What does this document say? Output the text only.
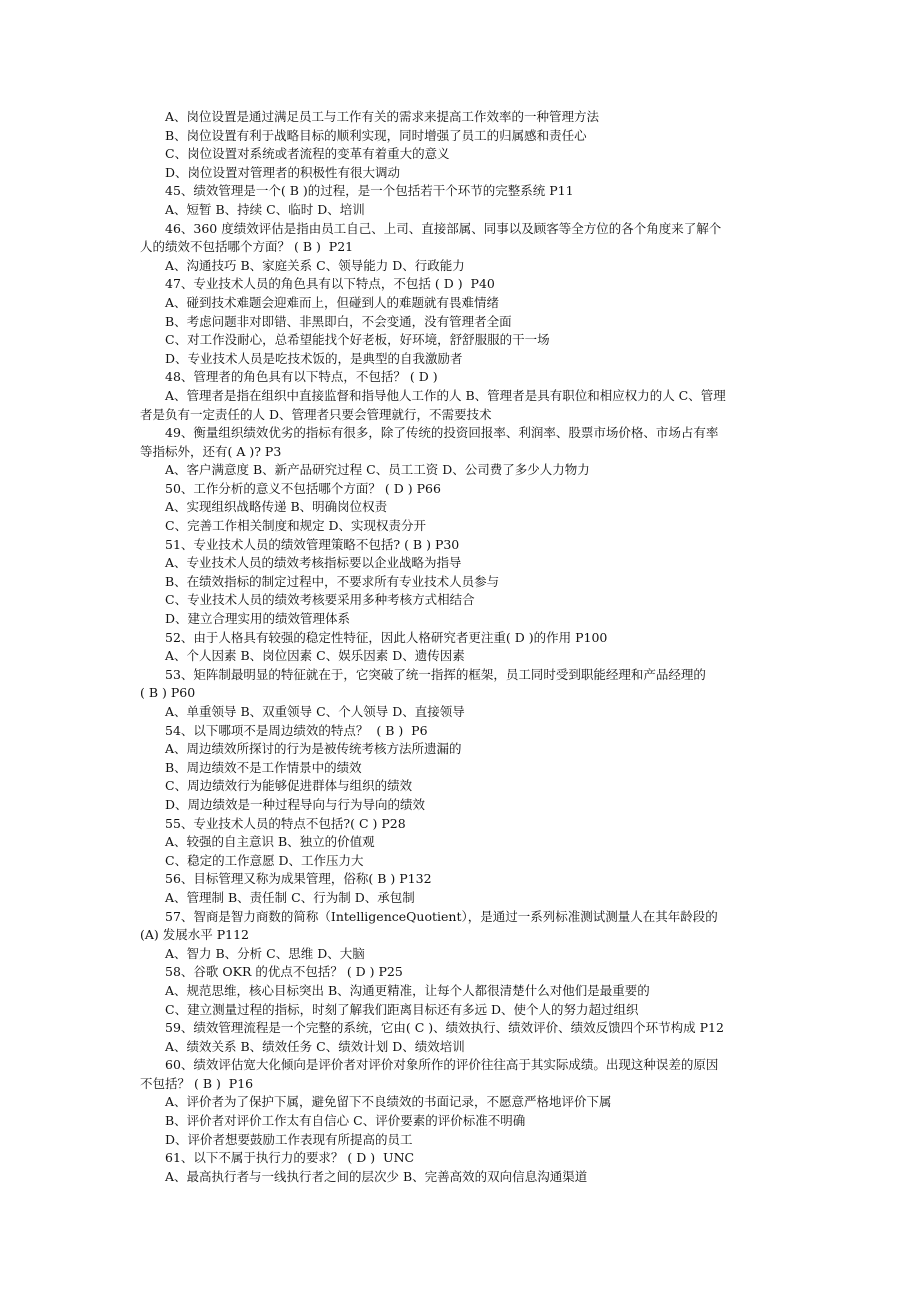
A、岗位设置是通过满足员工与工作有关的需求来提高工作效率的一种管理方法
B、岗位设置有利于战略目标的顺利实现，同时增强了员工的归属感和责任心
C、岗位设置对系统或者流程的变革有着重大的意义
D、岗位设置对管理者的积极性有很大调动
45、绩效管理是一个( B )的过程，是一个包括若干个环节的完整系统 P11
A、短暂 B、持续 C、临时 D、培训
46、360 度绩效评估是指由员工自己、上司、直接部属、同事以及顾客等全方位的各个角度来了解个
人的绩效不包括哪个方面？ ( B )  P21
A、沟通技巧 B、家庭关系 C、领导能力 D、行政能力
47、专业技术人员的角色具有以下特点，不包括 ( D )  P40
A、碰到技术难题会迎难而上，但碰到人的难题就有畏难情绪
B、考虑问题非对即错、非黑即白，不会变通，没有管理者全面
C、对工作没耐心，总希望能找个好老板，好环境，舒舒服服的干一场
D、专业技术人员是吃技术饭的，是典型的自我激励者
48、管理者的角色具有以下特点，不包括？ ( D )
A、管理者是指在组织中直接监督和指导他人工作的人 B、管理者是具有职位和相应权力的人 C、管理
者是负有一定责任的人 D、管理者只要会管理就行，不需要技术
49、衡量组织绩效优劣的指标有很多，除了传统的投资回报率、利润率、股票市场价格、市场占有率
等指标外，还有( A )? P3
A、客户满意度 B、新产品研究过程 C、员工工资 D、公司费了多少人力物力
50、工作分析的意义不包括哪个方面？ ( D ) P66
A、实现组织战略传递 B、明确岗位权责
C、完善工作相关制度和规定 D、实现权责分开
51、专业技术人员的绩效管理策略不包括? ( B ) P30
A、专业技术人员的绩效考核指标要以企业战略为指导
B、在绩效指标的制定过程中，不要求所有专业技术人员参与
C、专业技术人员的绩效考核要采用多种考核方式相结合
D、建立合理实用的绩效管理体系
52、由于人格具有较强的稳定性特征，因此人格研究者更注重( D )的作用 P100
A、个人因素 B、岗位因素 C、娱乐因素 D、遗传因素
53、矩阵制最明显的特征就在于，它突破了统一指挥的框架，员工同时受到职能经理和产品经理的
( B ) P60
A、单重领导 B、双重领导 C、个人领导 D、直接领导
54、以下哪项不是周边绩效的特点？  ( B )  P6
A、周边绩效所探讨的行为是被传统考核方法所遗漏的
B、周边绩效不是工作情景中的绩效
C、周边绩效行为能够促进群体与组织的绩效
D、周边绩效是一种过程导向与行为导向的绩效
55、专业技术人员的特点不包括?( C ) P28
A、较强的自主意识 B、独立的价值观
C、稳定的工作意愿 D、工作压力大
56、目标管理又称为成果管理，俗称( B ) P132
A、管理制 B、责任制 C、行为制 D、承包制
57、智商是智力商数的简称（IntelligenceQuotient），是通过一系列标准测试测量人在其年龄段的
(A) 发展水平 P112
A、智力 B、分析 C、思维 D、大脑
58、谷歌 OKR 的优点不包括？ ( D ) P25
A、规范思维，核心目标突出 B、沟通更精准，让每个人都很清楚什么对他们是最重要的
C、建立测量过程的指标，时刻了解我们距离目标还有多远 D、使个人的努力超过组织
59、绩效管理流程是一个完整的系统，它由( C )、绩效执行、绩效评价、绩效反馈四个环节构成 P12
A、绩效关系 B、绩效任务 C、绩效计划 D、绩效培训
60、绩效评估宽大化倾向是评价者对评价对象所作的评价往往高于其实际成绩。出现这种误差的原因
不包括？ ( B )  P16
A、评价者为了保护下属，避免留下不良绩效的书面记录，不愿意严格地评价下属
B、评价者对评价工作太有自信心 C、评价要素的评价标准不明确
D、评价者想要鼓励工作表现有所提高的员工
61、以下不属于执行力的要求？ ( D )  UNC
A、最高执行者与一线执行者之间的层次少 B、完善高效的双向信息沟通渠道
